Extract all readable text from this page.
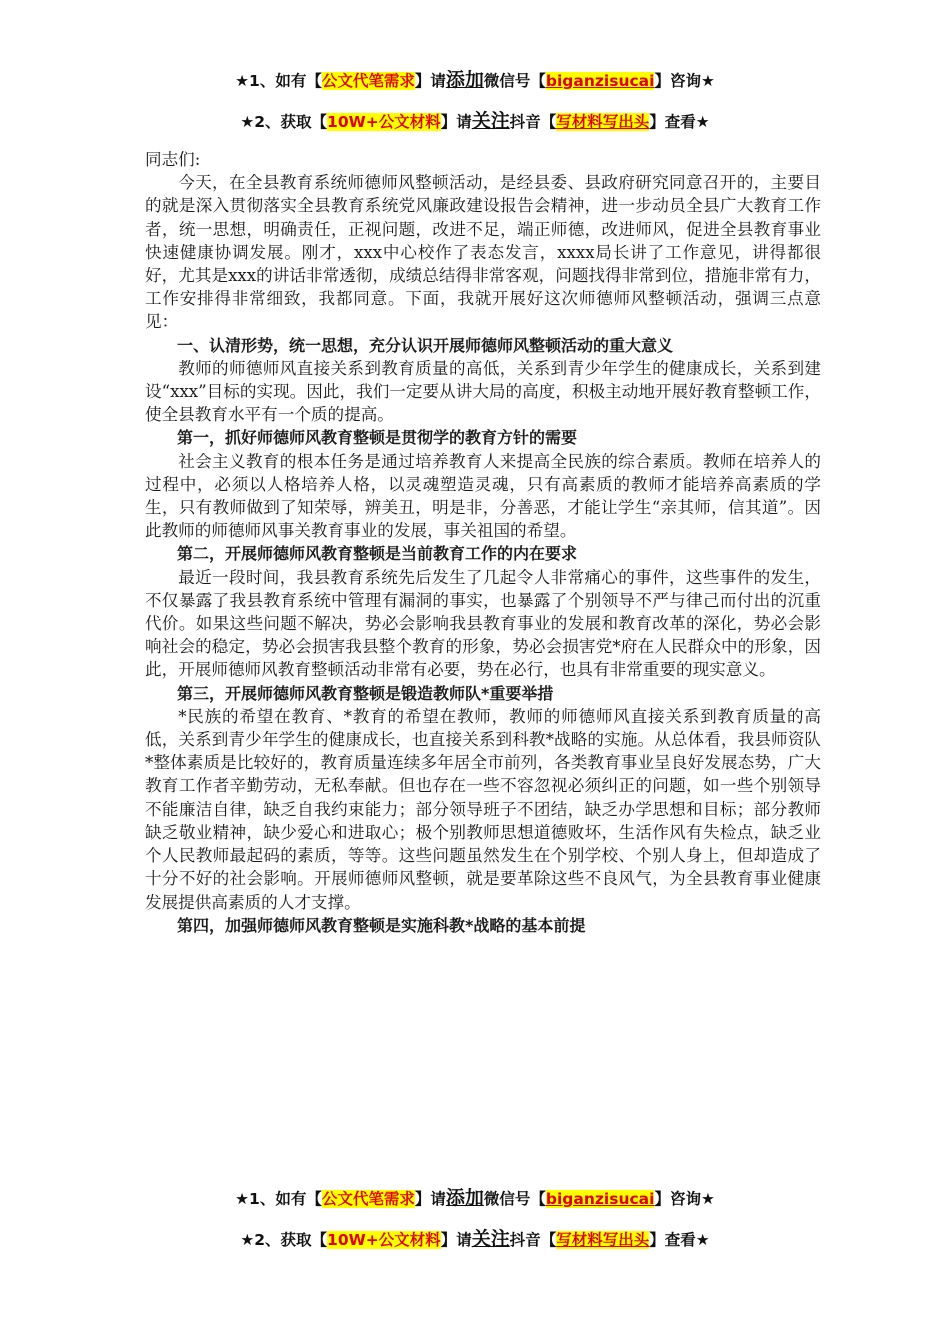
★1、如有【公文代笔需求】请添加微信号【biganzisucai】咨询★
★2、获取【10W+公文材料】请关注抖音【写材料写出头】查看★

同志们:

今天，在全县教育系统师德师风整顿活动，是经县委、县政府研究同意召开的，主要目的就是深入贯彻落实全县教育系统党风廉政建设报告会精神，进一步动员全县广大教育工作者，统一思想，明确责任，正视问题，改进不足，端正师德，改进师风，促进全县教育事业快速健康协调发展。刚才，xxx中心校作了表态发言，xxxx局长讲了工作意见，讲得都很好，尤其是xxx的讲话非常透彻，成绩总结得非常客观，问题找得非常到位，措施非常有力，工作安排得非常细致，我都同意。下面，我就开展好这次师德师风整顿活动，强调三点意见：

一、认清形势，统一思想，充分认识开展师德师风整顿活动的重大意义

教师的师德师风直接关系到教育质量的高低，关系到青少年学生的健康成长，关系到建设“xxx”目标的实现。因此，我们一定要从讲大局的高度，积极主动地开展好教育整顿工作，使全县教育水平有一个质的提高。

第一，抓好师德师风教育整顿是贯彻学的教育方针的需要

社会主义教育的根本任务是通过培养教育人来提高全民族的综合素质。教师在培养人的过程中，必须以人格培养人格，以灵魂塑造灵魂，只有高素质的教师才能培养高素质的学生，只有教师做到了知荣辱，辨美丑，明是非，分善恶，才能让学生“亲其师，信其道”。因此教师的师德师风事关教育事业的发展，事关祖国的希望。

第二，开展师德师风教育整顿是当前教育工作的内在要求

最近一段时间，我县教育系统先后发生了几起令人非常痛心的事件，这些事件的发生，不仅暴露了我县教育系统中管理有漏洞的事实，也暴露了个别领导不严与律己而付出的沉重代价。如果这些问题不解决，势必会影响我县教育事业的发展和教育改革的深化，势必会影响社会的稳定，势必会损害我县整个教育的形象，势必会损害党*府在人民群众中的形象，因此，开展师德师风教育整顿活动非常有必要，势在必行，也具有非常重要的现实意义。

第三，开展师德师风教育整顿是锻造教师队*重要举措

*民族的希望在教育、*教育的希望在教师，教师的师德师风直接关系到教育质量的高低，关系到青少年学生的健康成长，也直接关系到科教*战略的实施。从总体看，我县师资队*整体素质是比较好的，教育质量连续多年居全市前列，各类教育事业呈良好发展态势，广大教育工作者辛勤劳动，无私奉献。但也存在一些不容忽视必须纠正的问题，如一些个别领导不能廉洁自律，缺乏自我约束能力；部分领导班子不团结，缺乏办学思想和目标；部分教师缺乏敬业精神，缺少爱心和进取心；极个别教师思想道德败坏，生活作风有失检点，缺乏业个人民教师最起码的素质，等等。这些问题虽然发生在个别学校、个别人身上，但却造成了十分不好的社会影响。开展师德师风整顿，就是要革除这些不良风气，为全县教育事业健康发展提供高素质的人才支撑。

第四，加强师德师风教育整顿是实施科教*战略的基本前提

★1、如有【公文代笔需求】请添加微信号【biganzisucai】咨询★
★2、获取【10W+公文材料】请关注抖音【写材料写出头】查看★
